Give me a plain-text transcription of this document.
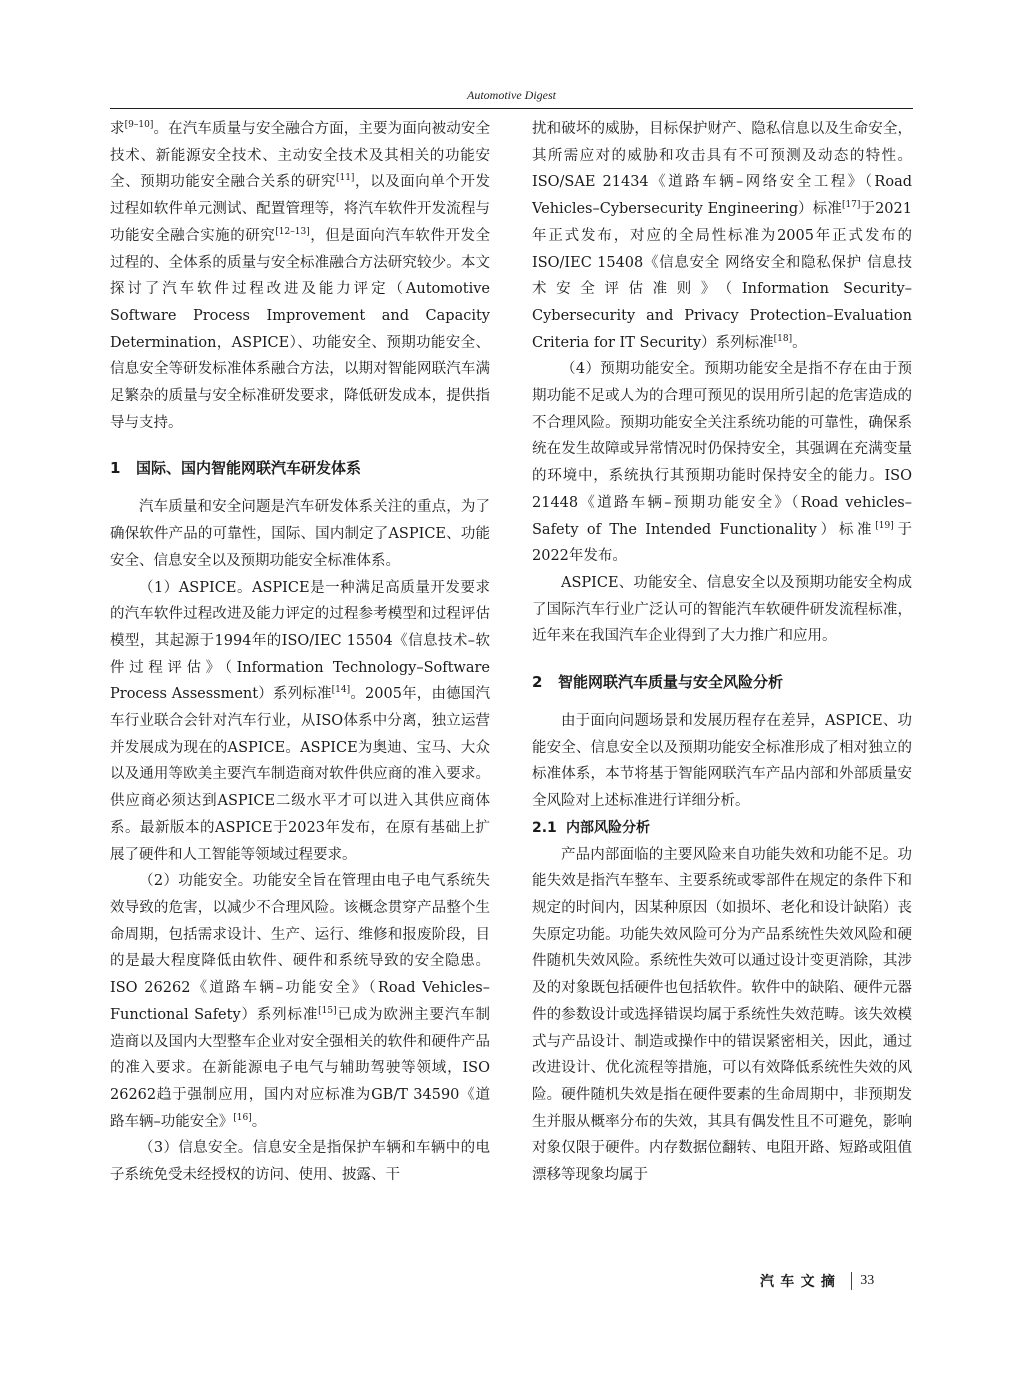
Automotive Digest

求[9–10]。在汽车质量与安全融合方面，主要为面向被动安全技术、新能源安全技术、主动安全技术及其相关的功能安全、预期功能安全融合关系的研究[11]，以及面向单个开发过程如软件单元测试、配置管理等，将汽车软件开发流程与功能安全融合实施的研究[12–13]，但是面向汽车软件开发全过程的、全体系的质量与安全标准融合方法研究较少。本文探讨了汽车软件过程改进及能力评定（Automotive Software Process Improvement and Capacity Determination，ASPICE）、功能安全、预期功能安全、信息安全等研发标准体系融合方法，以期对智能网联汽车满足繁杂的质量与安全标准研发要求，降低研发成本，提供指导与支持。

1 国际、国内智能网联汽车研发体系

汽车质量和安全问题是汽车研发体系关注的重点，为了确保软件产品的可靠性，国际、国内制定了ASPICE、功能安全、信息安全以及预期功能安全标准体系。

（1）ASPICE。ASPICE是一种满足高质量开发要求的汽车软件过程改进及能力评定的过程参考模型和过程评估模型，其起源于1994年的ISO/IEC 15504《信息技术–软件过程评估》（Information Technology–Software Process Assessment）系列标准[14]。2005年，由德国汽车行业联合会针对汽车行业，从ISO体系中分离，独立运营并发展成为现在的ASPICE。ASPICE为奥迪、宝马、大众以及通用等欧美主要汽车制造商对软件供应商的准入要求。供应商必须达到ASPICE二级水平才可以进入其供应商体系。最新版本的ASPICE于2023年发布，在原有基础上扩展了硬件和人工智能等领域过程要求。

（2）功能安全。功能安全旨在管理由电子电气系统失效导致的危害，以减少不合理风险。该概念贯穿产品整个生命周期，包括需求设计、生产、运行、维修和报废阶段，目的是最大程度降低由软件、硬件和系统导致的安全隐患。ISO 26262《道路车辆–功能安全》（Road Vehicles– Functional Safety）系列标准[15]已成为欧洲主要汽车制造商以及国内大型整车企业对安全强相关的软件和硬件产品的准入要求。在新能源电子电气与辅助驾驶等领域，ISO 26262趋于强制应用，国内对应标准为GB/T 34590《道路车辆–功能安全》[16]。

（3）信息安全。信息安全是指保护车辆和车辆中的电子系统免受未经授权的访问、使用、披露、干

扰和破坏的威胁，目标保护财产、隐私信息以及生命安全，其所需应对的威胁和攻击具有不可预测及动态的特性。ISO/SAE 21434《道路车辆–网络安全工程》（Road Vehicles–Cybersecurity Engineering）标准[17]于2021年正式发布，对应的全局性标准为2005年正式发布的ISO/IEC 15408《信息安全 网络安全和隐私保护 信息技术安全评估准则》（Information Security–Cybersecurity and Privacy Protection–Evaluation Criteria for IT Security）系列标准[18]。

（4）预期功能安全。预期功能安全是指不存在由于预期功能不足或人为的合理可预见的误用所引起的危害造成的不合理风险。预期功能安全关注系统功能的可靠性，确保系统在发生故障或异常情况时仍保持安全，其强调在充满变量的环境中，系统执行其预期功能时保持安全的能力。ISO 21448《道路车辆–预期功能安全》（Road vehicles– Safety of The Intended Functionality）标准[19]于2022年发布。

ASPICE、功能安全、信息安全以及预期功能安全构成了国际汽车行业广泛认可的智能汽车软硬件研发流程标准，近年来在我国汽车企业得到了大力推广和应用。

2 智能网联汽车质量与安全风险分析

由于面向问题场景和发展历程存在差异，ASPICE、功能安全、信息安全以及预期功能安全标准形成了相对独立的标准体系，本节将基于智能网联汽车产品内部和外部质量安全风险对上述标准进行详细分析。

2.1 内部风险分析

产品内部面临的主要风险来自功能失效和功能不足。功能失效是指汽车整车、主要系统或零部件在规定的条件下和规定的时间内，因某种原因（如损坏、老化和设计缺陷）丧失原定功能。功能失效风险可分为产品系统性失效风险和硬件随机失效风险。系统性失效可以通过设计变更消除，其涉及的对象既包括硬件也包括软件。软件中的缺陷、硬件元器件的参数设计或选择错误均属于系统性失效范畴。该失效模式与产品设计、制造或操作中的错误紧密相关，因此，通过改进设计、优化流程等措施，可以有效降低系统性失效的风险。硬件随机失效是指在硬件要素的生命周期中，非预期发生并服从概率分布的失效，其具有偶发性且不可避免，影响对象仅限于硬件。内存数据位翻转、电阻开路、短路或阻值漂移等现象均属于

汽车文摘 33
